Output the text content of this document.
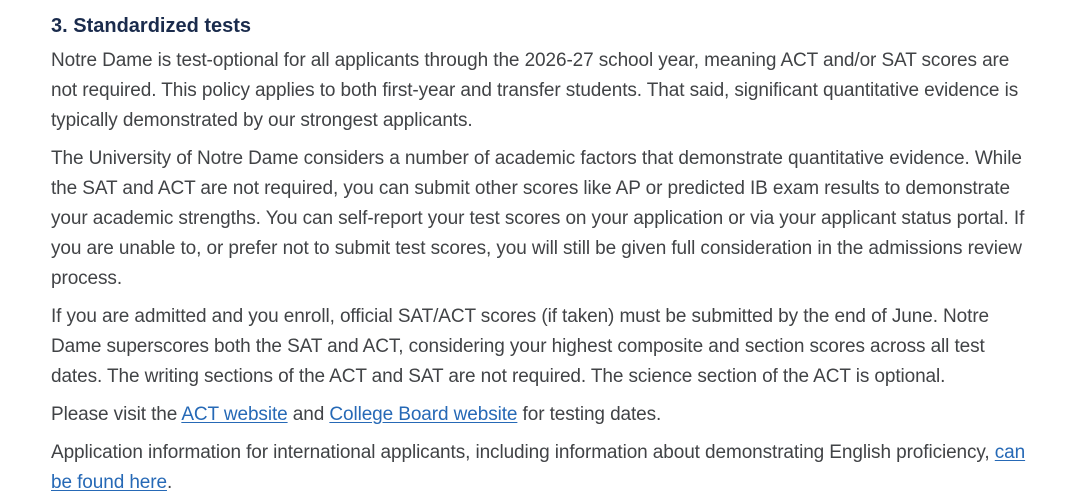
3. Standardized tests

Notre Dame is test-optional for all applicants through the 2026-27 school year, meaning ACT and/or SAT scores are not required. This policy applies to both first-year and transfer students. That said, significant quantitative evidence is typically demonstrated by our strongest applicants.

The University of Notre Dame considers a number of academic factors that demonstrate quantitative evidence. While the SAT and ACT are not required, you can submit other scores like AP or predicted IB exam results to demonstrate your academic strengths. You can self-report your test scores on your application or via your applicant status portal. If you are unable to, or prefer not to submit test scores, you will still be given full consideration in the admissions review process.

If you are admitted and you enroll, official SAT/ACT scores (if taken) must be submitted by the end of June. Notre Dame superscores both the SAT and ACT, considering your highest composite and section scores across all test dates. The writing sections of the ACT and SAT are not required. The science section of the ACT is optional.

Please visit the ACT website and College Board website for testing dates.

Application information for international applicants, including information about demonstrating English proficiency, can be found here.
